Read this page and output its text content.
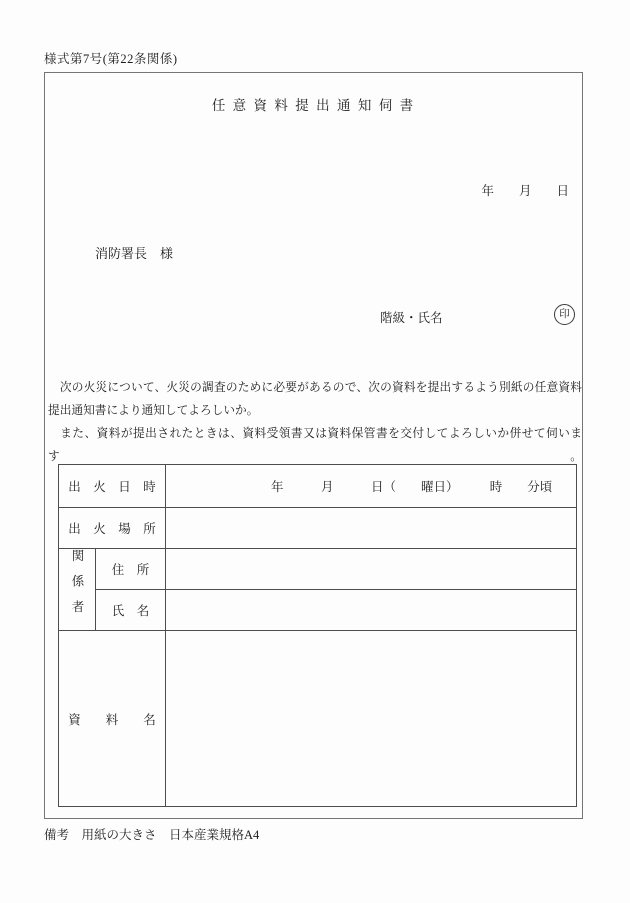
様式第7号(第22条関係)
任 意 資 料 提 出 通 知 伺 書
年　　月　　日
消防署長　様
階級・氏名	印
　次の火災について、火災の調査のために必要があるので、次の資料を提出するよう別紙の任意資料
提出通知書により通知してよろしいか。
　また、資料が提出されたときは、資料受領書又は資料保管書を交付してよろしいか併せて伺います。
出　火　日　時		年　　　月　　　日（　　曜日）　　　時　　分頃
出　火　場　所		
関係者	住　所	
	氏　名	
資　　料　　名		
備考　用紙の大きさ　日本産業規格A4
